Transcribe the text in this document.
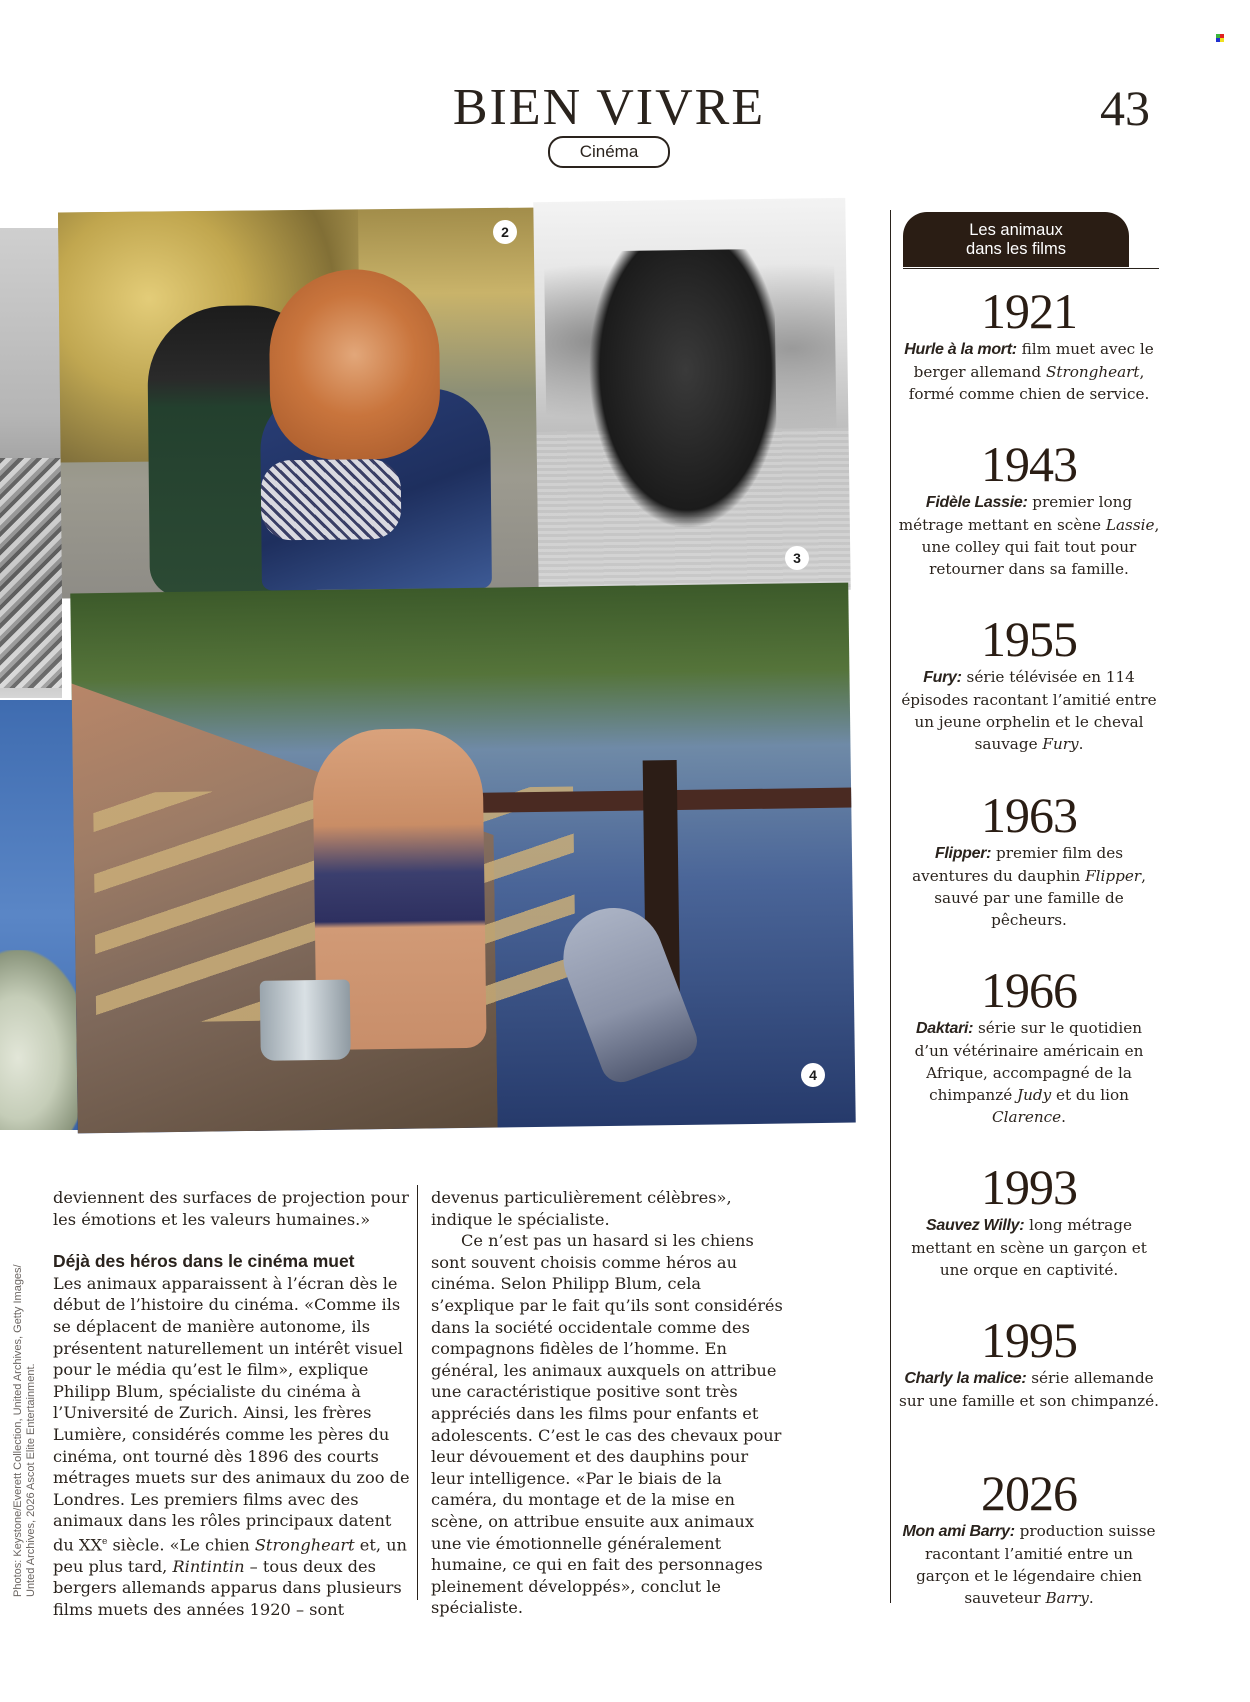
BIEN VIVRE	43
Cinéma
2
3
4
Photos: Keystone/Everett Collection, United Archives, Getty Images/ Unted Archives, 2026 Ascot Elite Entertainment.

deviennent des surfaces de projection pour les émotions et les valeurs humaines.»

Déjà des héros dans le cinéma muet

Les animaux apparaissent à l’écran dès le début de l’histoire du cinéma. «Comme ils se déplacent de manière autonome, ils présentent naturellement un intérêt visuel pour le média qu’est le film», explique Philipp Blum, spécialiste du cinéma à l’Université de Zurich. Ainsi, les frères Lumière, considérés comme les pères du cinéma, ont tourné dès 1896 des courts métrages muets sur des animaux du zoo de Londres. Les premiers films avec des animaux dans les rôles principaux datent du XXe siècle. «Le chien Strongheart et, un peu plus tard, Rintintin – tous deux des bergers allemands apparus dans plusieurs films muets des années 1920 – sont

devenus particulièrement célèbres», indique le spécialiste.

Ce n’est pas un hasard si les chiens sont souvent choisis comme héros au cinéma. Selon Philipp Blum, cela s’explique par le fait qu’ils sont considérés dans la société occidentale comme des compagnons fidèles de l’homme. En général, les animaux auxquels on attribue une caractéristique positive sont très appréciés dans les films pour enfants et adolescents. C’est le cas des chevaux pour leur dévouement et des dauphins pour leur intelligence. «Par le biais de la caméra, du montage et de la mise en scène, on attribue ensuite aux animaux une vie émotionnelle généralement humaine, ce qui en fait des personnages pleinement développés», conclut le spécialiste.

Les animaux
dans les films
1921
Hurle à la mort: film muet avec le berger allemand Strongheart, formé comme chien de service.
1943
Fidèle Lassie: premier long métrage mettant en scène Lassie, une colley qui fait tout pour retourner dans sa famille.
1955
Fury: série télévisée en 114 épisodes racontant l’amitié entre un jeune orphelin et le cheval sauvage Fury.
1963
Flipper: premier film des aventures du dauphin Flipper, sauvé par une famille de pêcheurs.
1966
Daktari: série sur le quotidien d’un vétérinaire américain en Afrique, accompagné de la chimpanzé Judy et du lion Clarence.
1993
Sauvez Willy: long métrage mettant en scène un garçon et une orque en captivité.
1995
Charly la malice: série allemande sur une famille et son chimpanzé.
2026
Mon ami Barry: production suisse racontant l’amitié entre un garçon et le légendaire chien sauveteur Barry.
